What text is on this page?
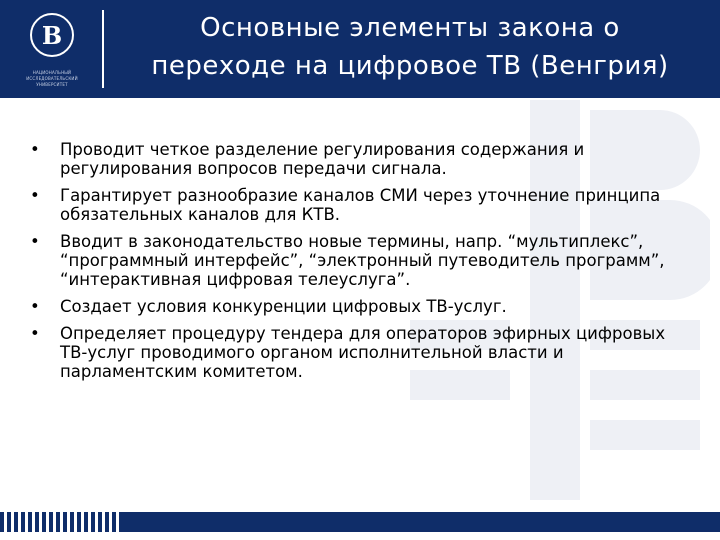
В
НАЦИОНАЛЬНЫЙ ИССЛЕДОВАТЕЛЬСКИЙ УНИВЕРСИТЕТ
Основные элементы закона о
переходе на цифровое ТВ (Венгрия)
•	Проводит четкое разделение регулирования содержания и регулирования вопросов передачи сигнала.
•	Гарантирует разнообразие каналов СМИ через уточнение принципа обязательных каналов для КТВ.
•	Вводит в законодательство новые термины, напр. “мультиплекс”, “программный интерфейс”, “электронный путеводитель программ”, “интерактивная цифровая телеуслуга”.
•	Создает условия конкуренции цифровых ТВ-услуг.
•	Определяет процедуру тендера для операторов эфирных цифровых ТВ-услуг проводимого органом исполнительной власти и парламентским комитетом.
